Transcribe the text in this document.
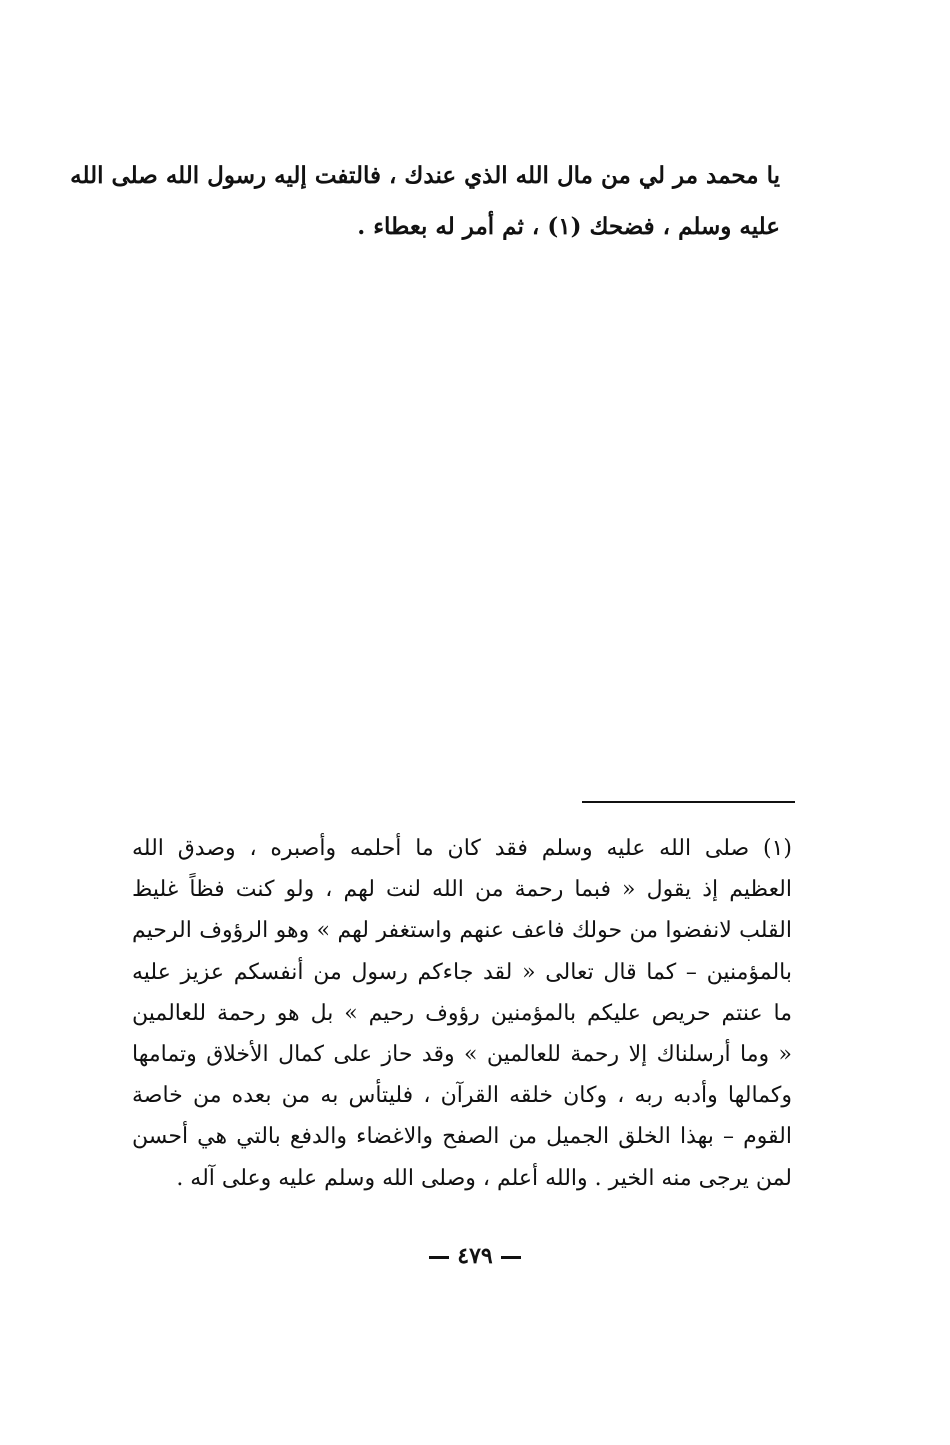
يا محمد مر لي من مال الله الذي عندك ، فالتفت إليه رسول الله صلى الله
عليه وسلم ، فضحك (١) ، ثم أمر له بعطاء .
(١) صلى الله عليه وسلم فقد كان ما أحلمه وأصبره ، وصدق الله
العظيم إذ يقول « فبما رحمة من الله لنت لهم ، ولو كنت فظاً غليظ
القلب لانفضوا من حولك فاعف عنهم واستغفر لهم » وهو الرؤوف الرحيم
بالمؤمنين – كما قال تعالى « لقد جاءكم رسول من أنفسكم عزيز عليه
ما عنتم حريص عليكم بالمؤمنين رؤوف رحيم » بل هو رحمة للعالمين
« وما أرسلناك إلا رحمة للعالمين » وقد حاز على كمال الأخلاق وتمامها
وكمالها وأدبه ربه ، وكان خلقه القرآن ، فليتأس به من بعده من خاصة
القوم – بهذا الخلق الجميل من الصفح والاغضاء والدفع بالتي هي أحسن
لمن يرجى منه الخير . والله أعلم ، وصلى الله وسلم عليه وعلى آله .
٤٧٩
